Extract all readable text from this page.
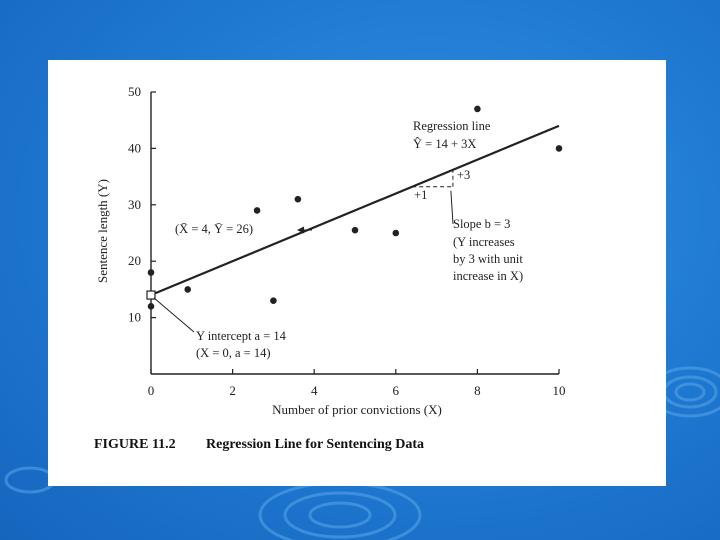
10
20
30
40
50
0	2	4	6	8	10
Number of prior convictions (X)
Sentence length (Y)
+3
+1
Slope b = 3
(Y increases
by 3 with unit
increase in X)
Regression line
Ŷ = 14 + 3X
(X̄ = 4, Ȳ = 26)
Y intercept a = 14
(X = 0, a = 14)
FIGURE 11.2 Regression Line for Sentencing Data
